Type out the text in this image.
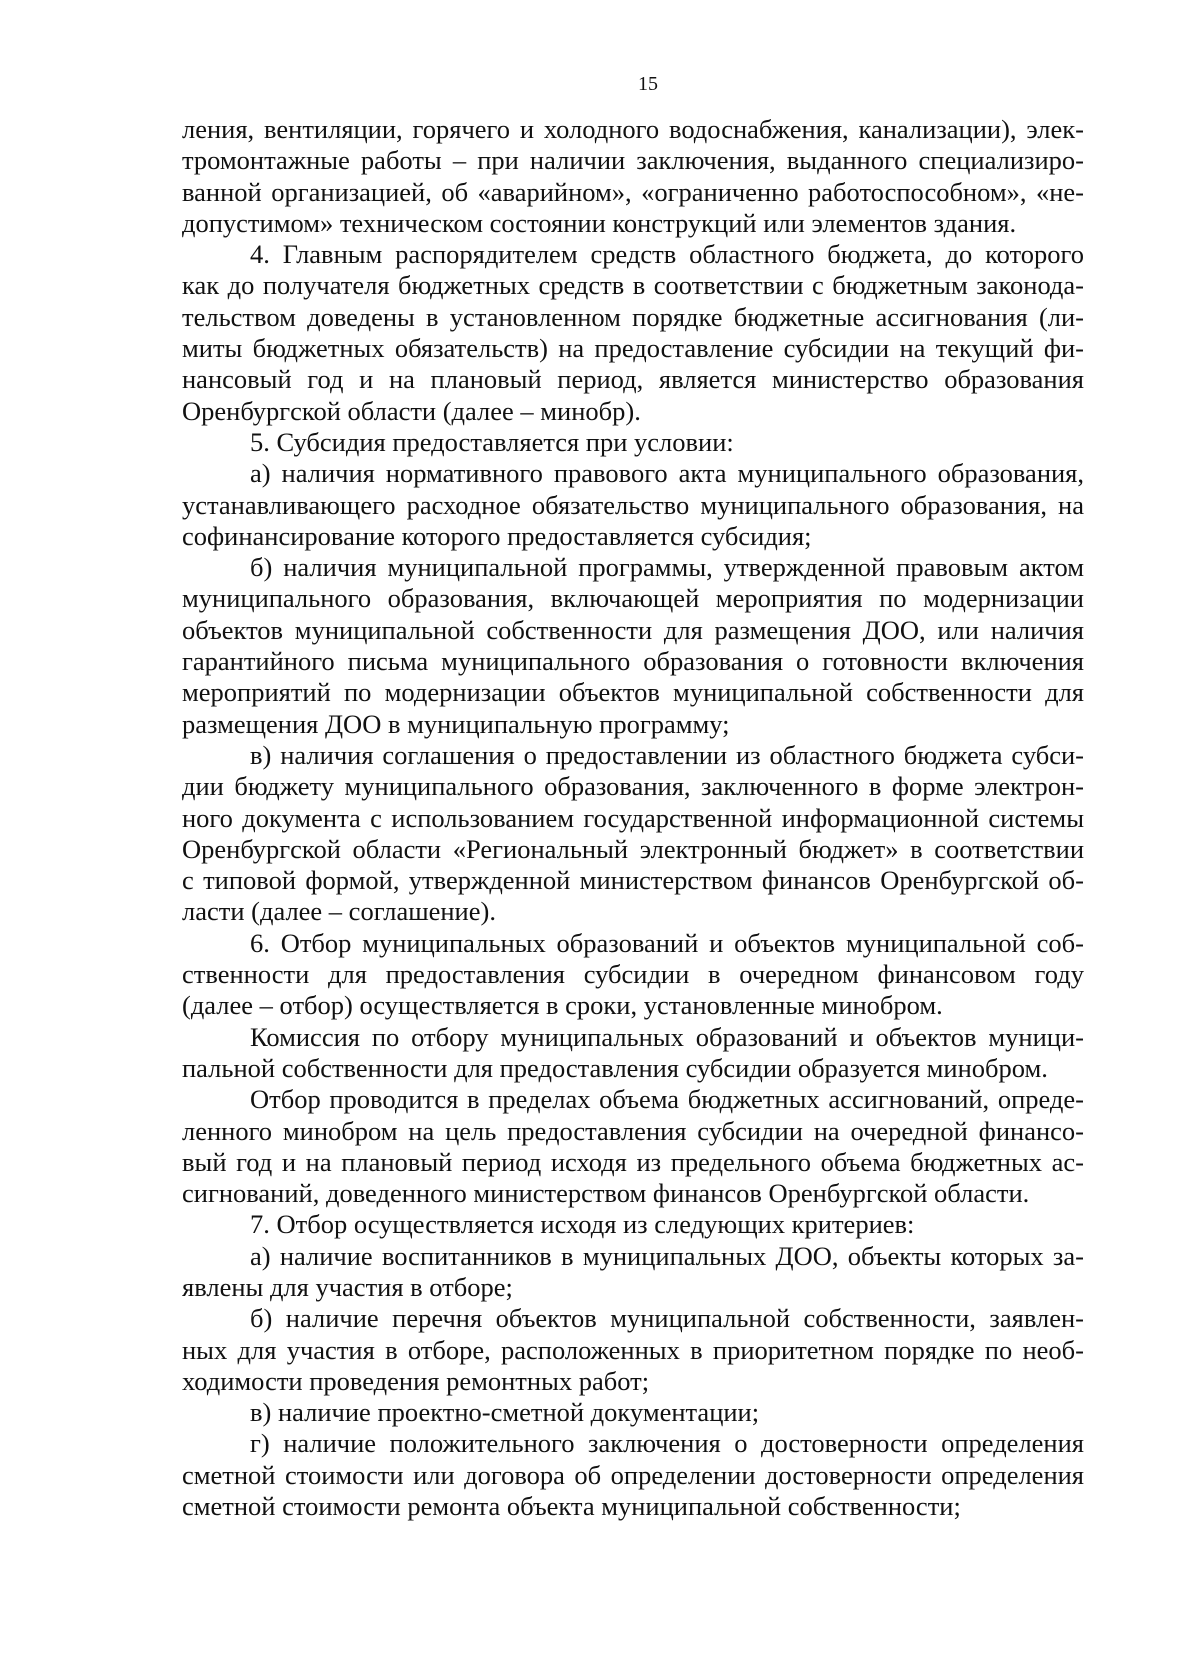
15
ления, вентиляции, горячего и холодного водоснабжения, канализации), элек-
тромонтажные работы – при наличии заключения, выданного специализиро-
ванной организацией, об «аварийном», «ограниченно работоспособном», «не-
допустимом» техническом состоянии конструкций или элементов здания.
4. Главным распорядителем средств областного бюджета, до которого
как до получателя бюджетных средств в соответствии с бюджетным законода-
тельством доведены в установленном порядке бюджетные ассигнования (ли-
миты бюджетных обязательств) на предоставление субсидии на текущий фи-
нансовый год и на плановый период, является министерство образования
Оренбургской области (далее – минобр).
5. Субсидия предоставляется при условии:
а) наличия нормативного правового акта муниципального образования,
устанавливающего расходное обязательство муниципального образования, на
софинансирование которого предоставляется субсидия;
б) наличия муниципальной программы, утвержденной правовым актом
муниципального образования, включающей мероприятия по модернизации
объектов муниципальной собственности для размещения ДОО, или наличия
гарантийного письма муниципального образования о готовности включения
мероприятий по модернизации объектов муниципальной собственности для
размещения ДОО в муниципальную программу;
в) наличия соглашения о предоставлении из областного бюджета субси-
дии бюджету муниципального образования, заключенного в форме электрон-
ного документа с использованием государственной информационной системы
Оренбургской области «Региональный электронный бюджет» в соответствии
с типовой формой, утвержденной министерством финансов Оренбургской об-
ласти (далее – соглашение).
6. Отбор муниципальных образований и объектов муниципальной соб-
ственности для предоставления субсидии в очередном финансовом году
(далее – отбор) осуществляется в сроки, установленные минобром.
Комиссия по отбору муниципальных образований и объектов муници-
пальной собственности для предоставления субсидии образуется минобром.
Отбор проводится в пределах объема бюджетных ассигнований, опреде-
ленного минобром на цель предоставления субсидии на очередной финансо-
вый год и на плановый период исходя из предельного объема бюджетных ас-
сигнований, доведенного министерством финансов Оренбургской области.
7. Отбор осуществляется исходя из следующих критериев:
а) наличие воспитанников в муниципальных ДОО, объекты которых за-
явлены для участия в отборе;
б) наличие перечня объектов муниципальной собственности, заявлен-
ных для участия в отборе, расположенных в приоритетном порядке по необ-
ходимости проведения ремонтных работ;
в) наличие проектно-сметной документации;
г) наличие положительного заключения о достоверности определения
сметной стоимости или договора об определении достоверности определения
сметной стоимости ремонта объекта муниципальной собственности;
